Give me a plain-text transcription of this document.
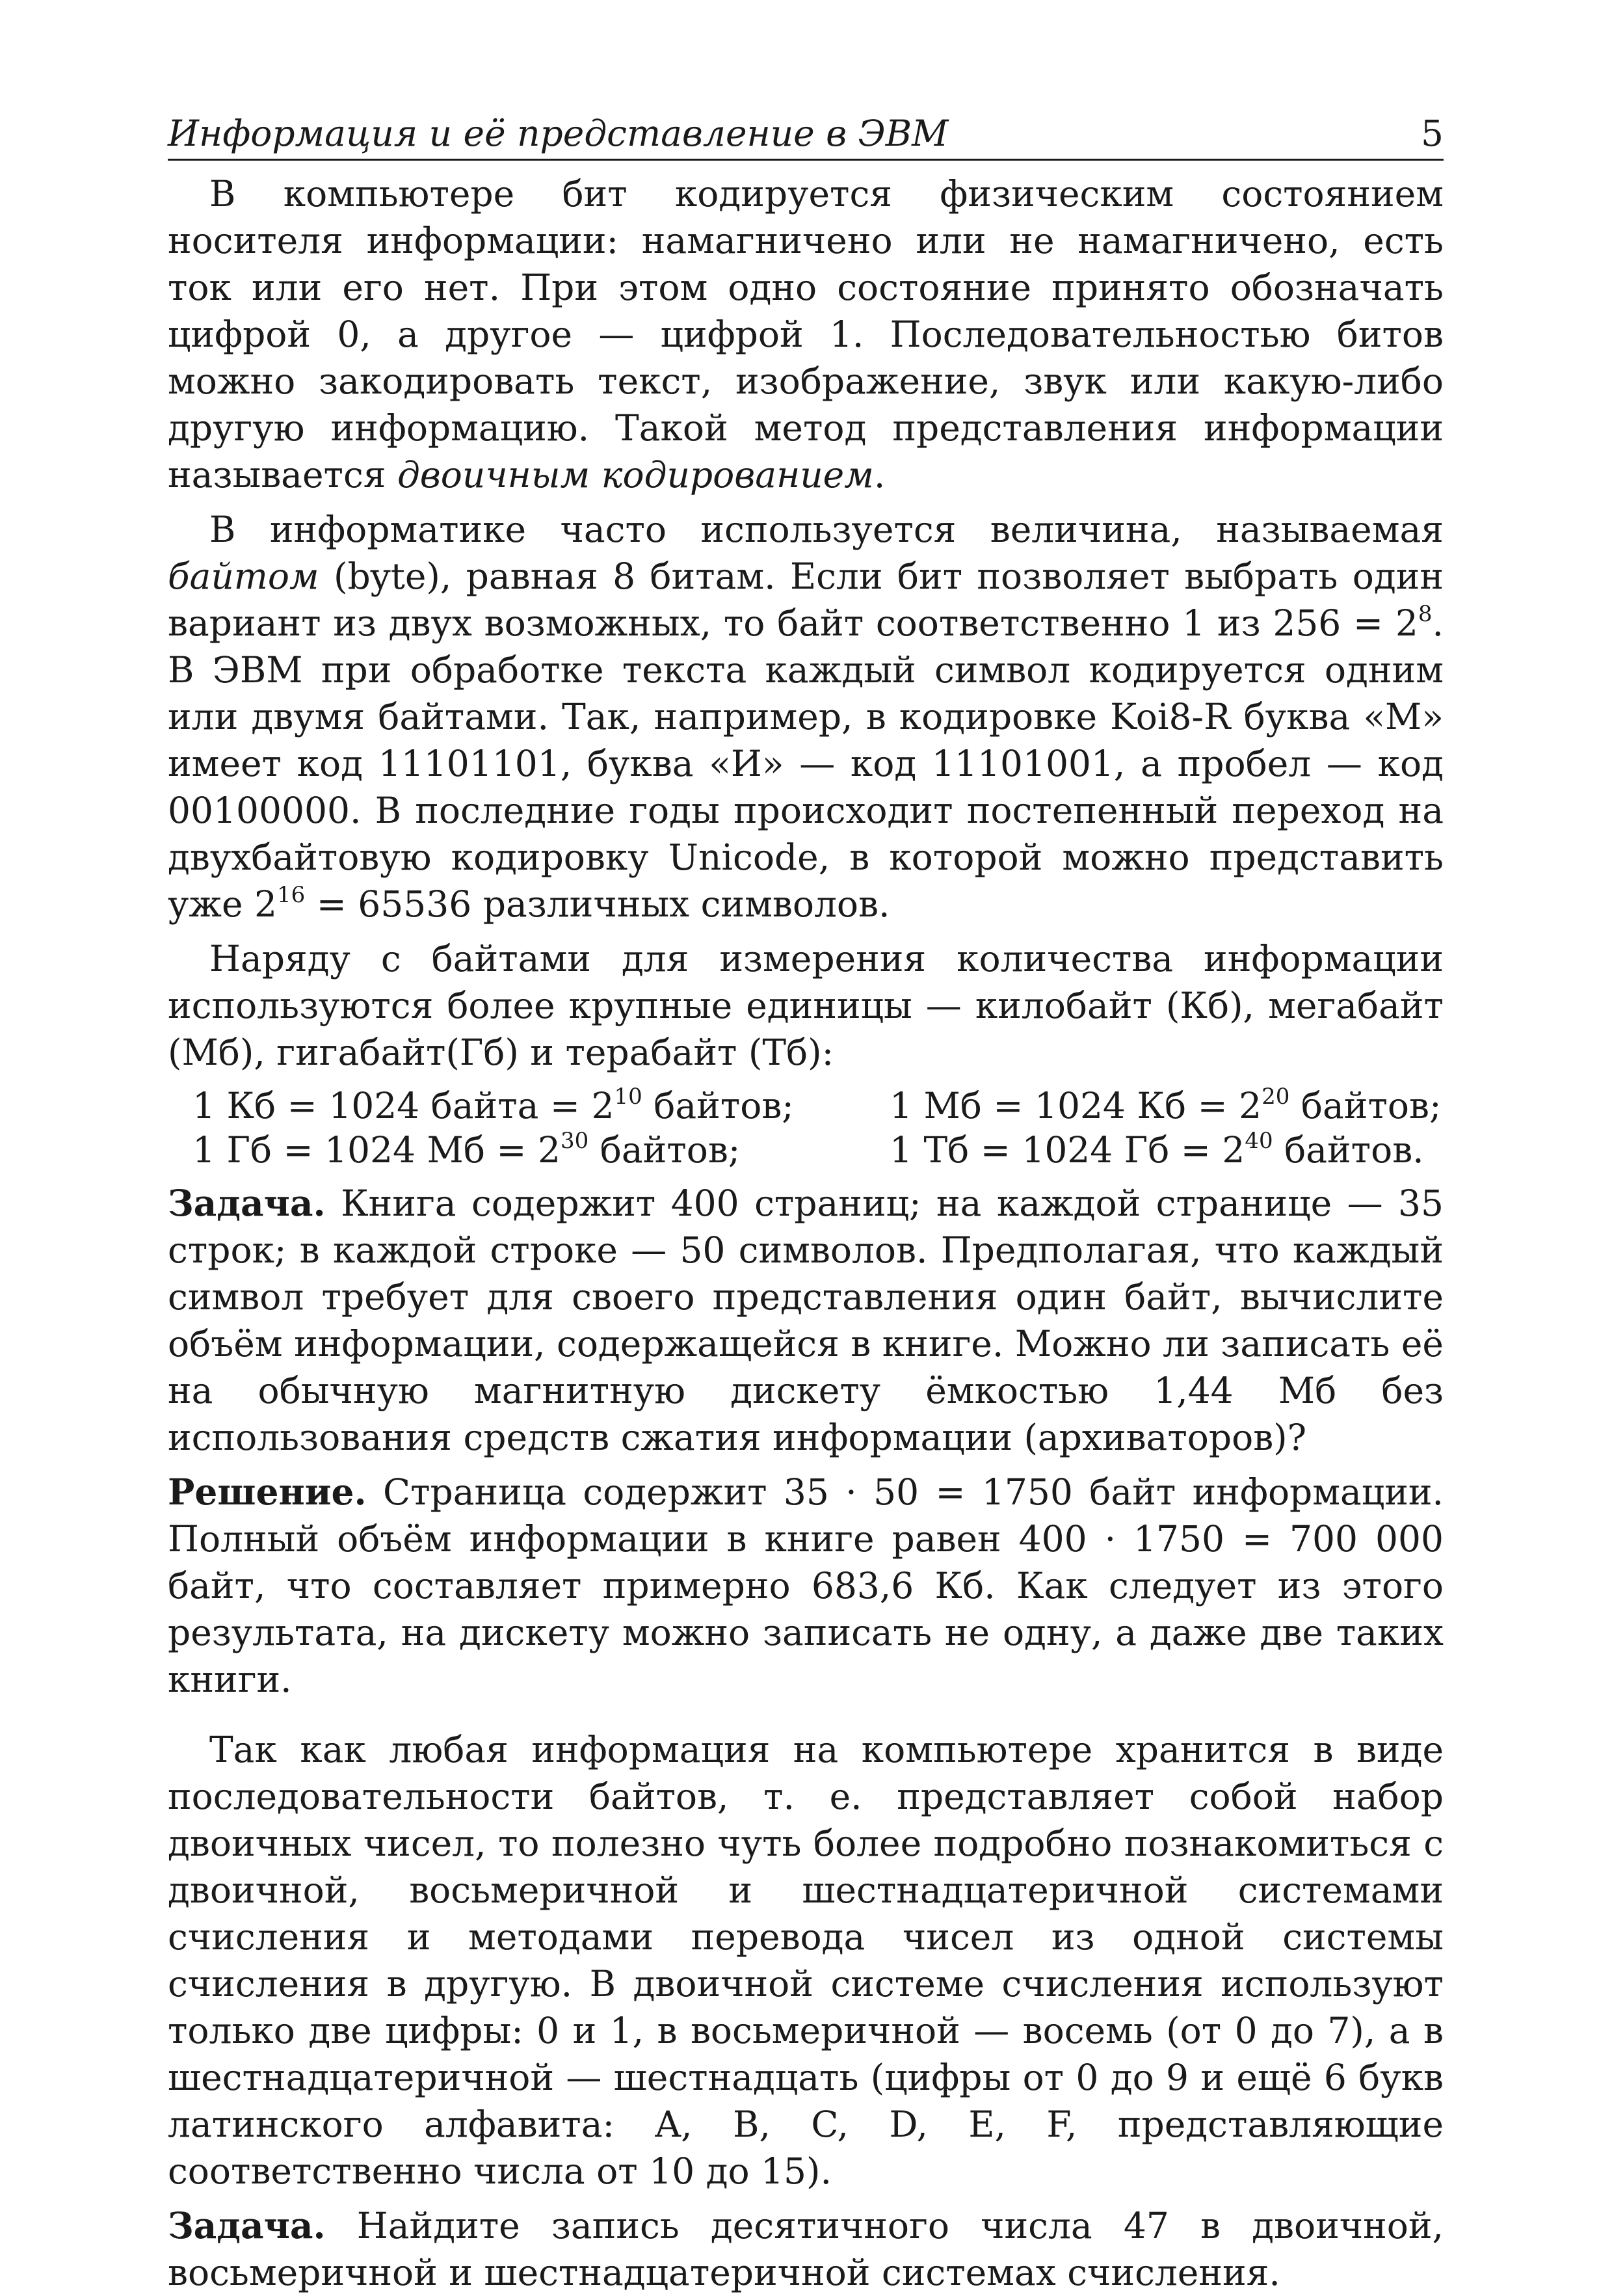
Информация и её представление в ЭВМ	5

В компьютере бит кодируется физическим состоянием носителя информации: намагничено или не намагничено, есть ток или его нет. При этом одно состояние принято обозначать цифрой 0, а другое — цифрой 1. Последовательностью битов можно закодировать текст, изображение, звук или какую-либо другую информацию. Такой метод представления информации называется двоичным кодированием.

В информатике часто используется величина, называемая байтом (byte), равная 8 битам. Если бит позволяет выбрать один вариант из двух возможных, то байт соответственно 1 из $256 = 2^8$. В ЭВМ при обработке текста каждый символ кодируется одним или двумя байтами. Так, например, в кодировке Koi8-R буква «М» имеет код 11101101, буква «И» — код 11101001, а пробел — код 00100000. В последние годы происходит постепенный переход на двухбайтовую кодировку Unicode, в которой можно представить уже $2^{16} = 65536$ различных символов.

Наряду с байтами для измерения количества информации используются более крупные единицы — килобайт (Кб), мегабайт (Мб), гигабайт(Гб) и терабайт (Тб):

1 Кб = 1024 байта = $2^{10}$ байтов;	1 Мб = 1024 Кб = $2^{20}$ байтов;
1 Гб = 1024 Мб = $2^{30}$ байтов;	1 Тб = 1024 Гб = $2^{40}$ байтов.

Задача. Книга содержит 400 страниц; на каждой странице — 35 строк; в каждой строке — 50 символов. Предполагая, что каждый символ требует для своего представления один байт, вычислите объём информации, содержащейся в книге. Можно ли записать её на обычную магнитную дискету ёмкостью 1,44 Мб без использования средств сжатия информации (архиваторов)?

Решение. Страница содержит 35 · 50 = 1750 байт информации. Полный объём информации в книге равен 400 · 1750 = 700 000 байт, что составляет примерно 683,6 Кб. Как следует из этого результата, на дискету можно записать не одну, а даже две таких книги.

Так как любая информация на компьютере хранится в виде последовательности байтов, т. е. представляет собой набор двоичных чисел, то полезно чуть более подробно познакомиться с двоичной, восьмеричной и шестнадцатеричной системами счисления и методами перевода чисел из одной системы счисления в другую. В двоичной системе счисления используют только две цифры: 0 и 1, в восьмеричной — восемь (от 0 до 7), а в шестнадцатеричной — шестнадцать (цифры от 0 до 9 и ещё 6 букв латинского алфавита: A, B, C, D, E, F, представляющие соответственно числа от 10 до 15).

Задача. Найдите запись десятичного числа 47 в двоичной, восьмеричной и шестнадцатеричной системах счисления.
